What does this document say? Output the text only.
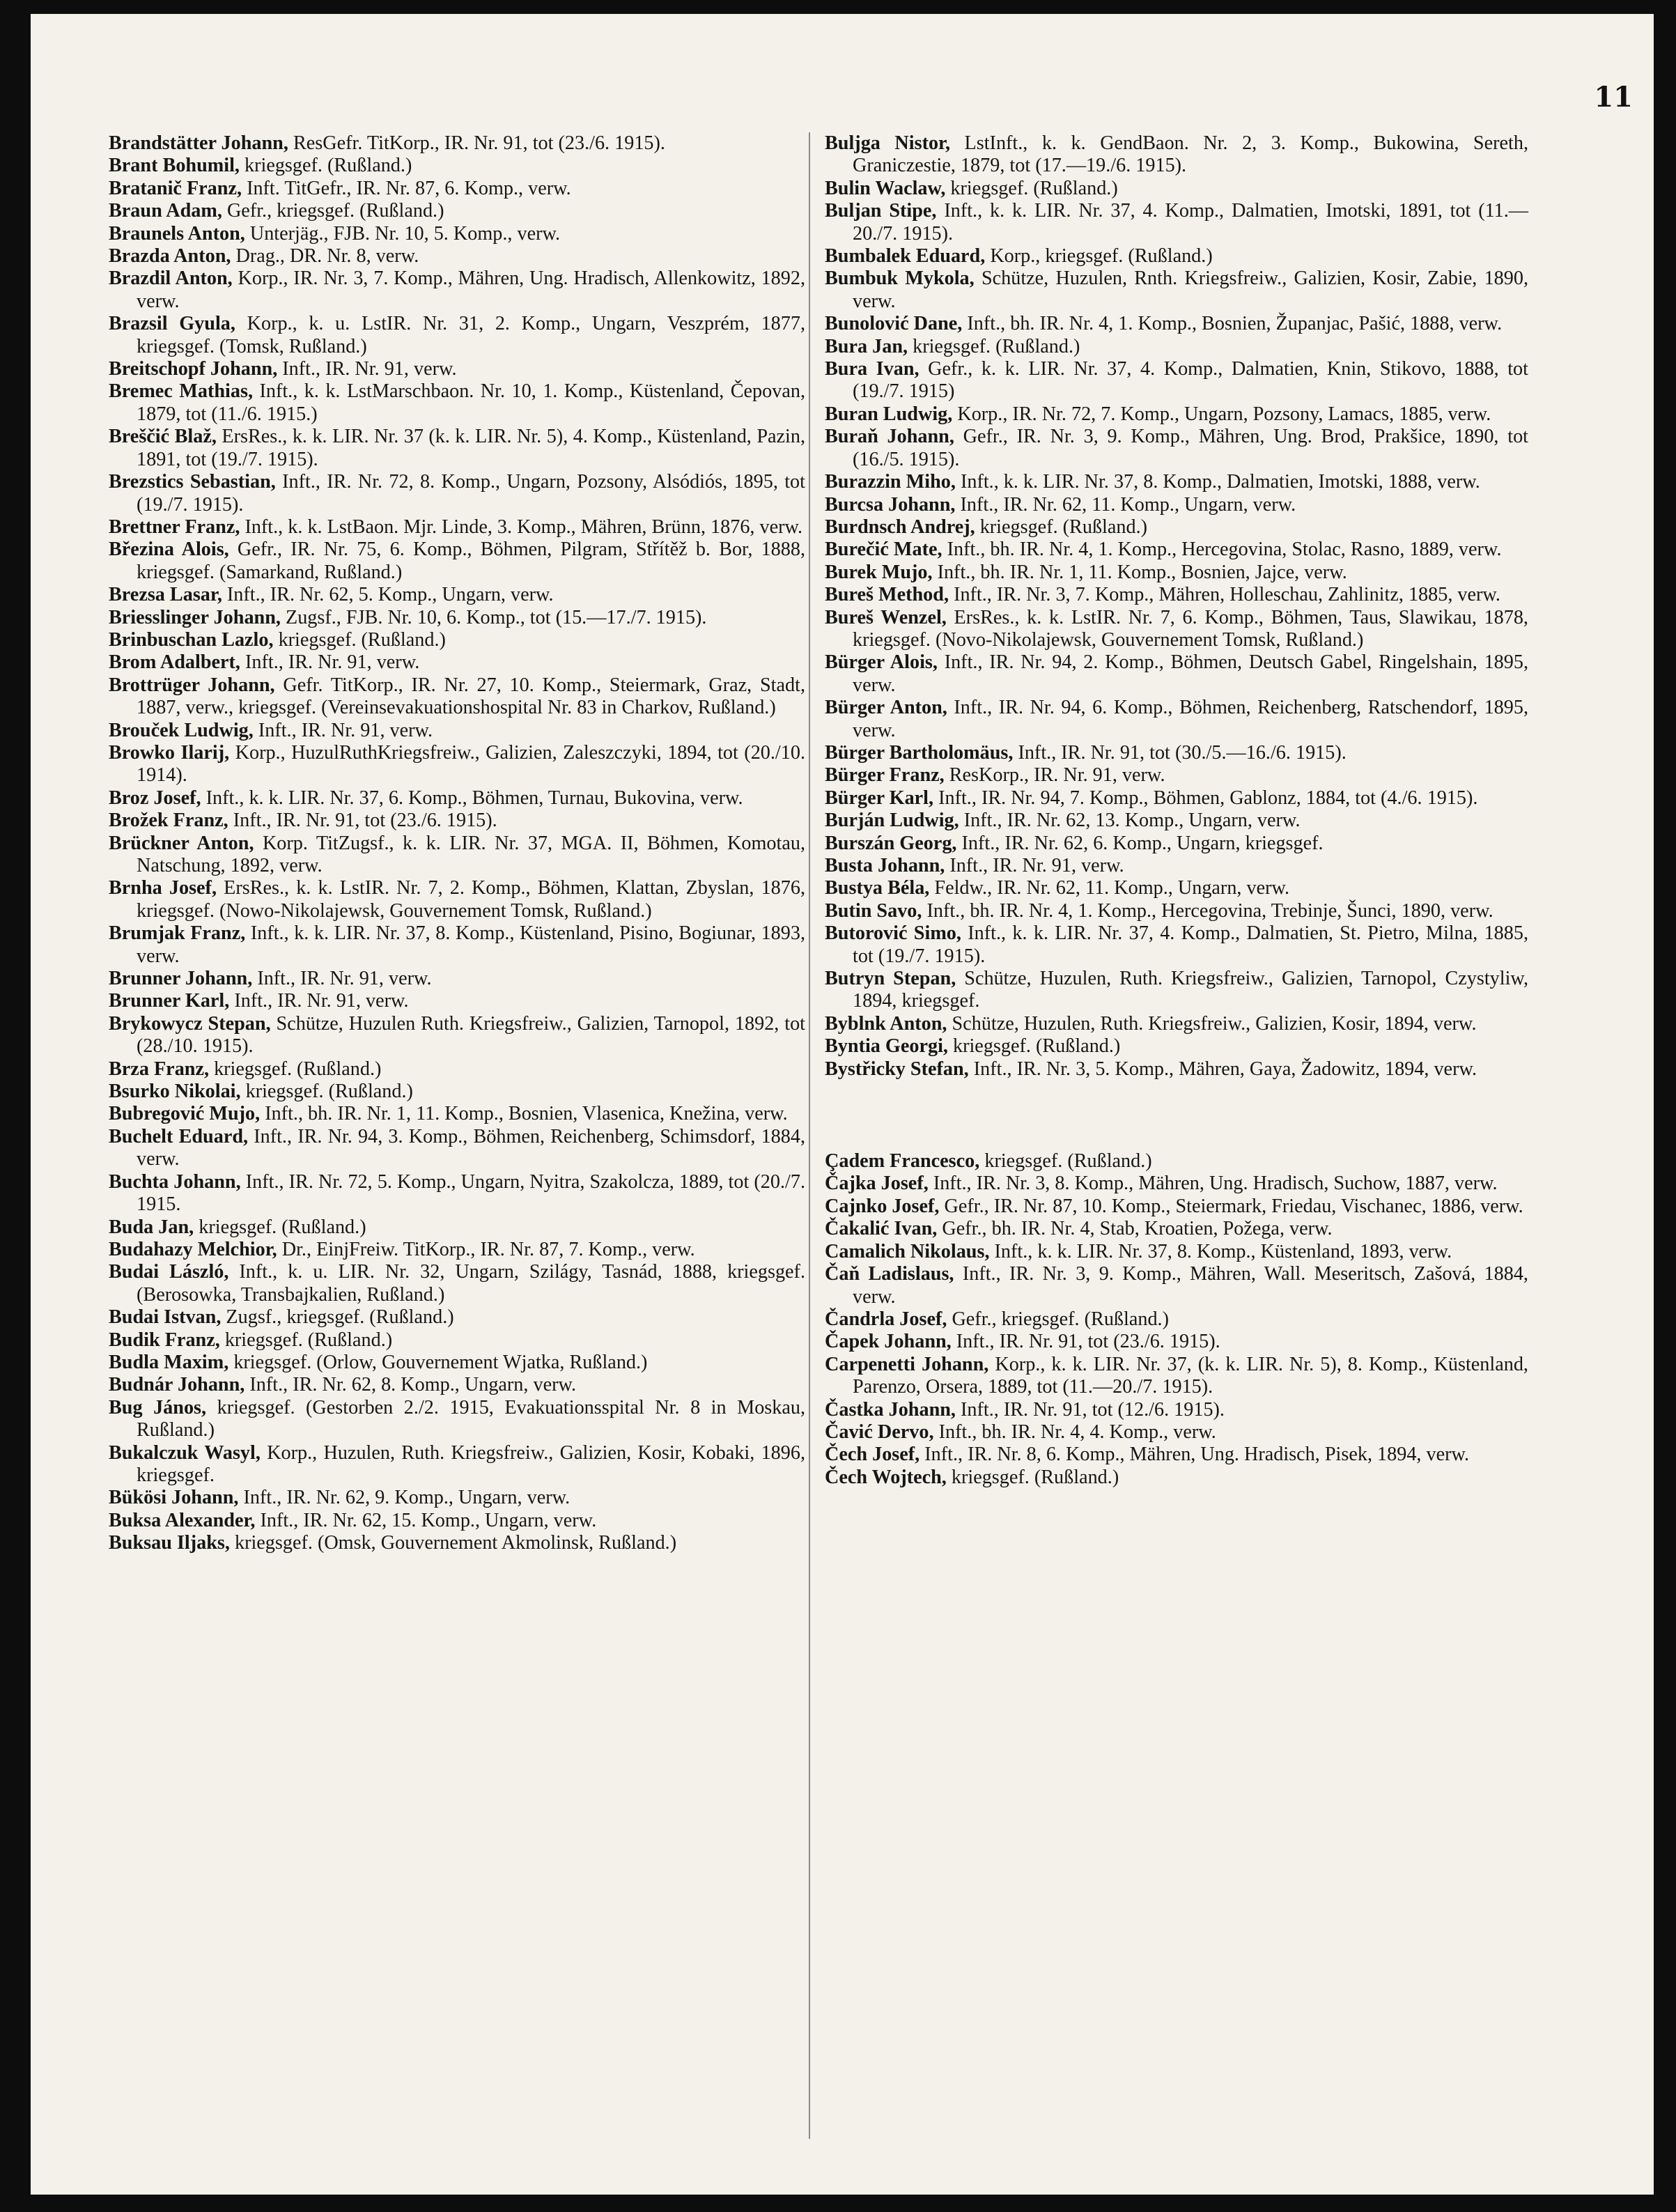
11

Brandstätter Johann, ResGefr. TitKorp., IR. Nr. 91, tot (23./6. 1915).

Brant Bohumil, kriegsgef. (Rußland.)

Bratanič Franz, Inft. TitGefr., IR. Nr. 87, 6. Komp., verw.

Braun Adam, Gefr., kriegsgef. (Rußland.)

Braunels Anton, Unterjäg., FJB. Nr. 10, 5. Komp., verw.

Brazda Anton, Drag., DR. Nr. 8, verw.

Brazdil Anton, Korp., IR. Nr. 3, 7. Komp., Mähren, Ung. Hradisch, Allenkowitz, 1892, verw.

Brazsil Gyula, Korp., k. u. LstIR. Nr. 31, 2. Komp., Ungarn, Veszprém, 1877, kriegsgef. (Tomsk, Rußland.)

Breitschopf Johann, Inft., IR. Nr. 91, verw.

Bremec Mathias, Inft., k. k. LstMarschbaon. Nr. 10, 1. Komp., Küstenland, Čepovan, 1879, tot (11./6. 1915.)

Breščić Blaž, ErsRes., k. k. LIR. Nr. 37 (k. k. LIR. Nr. 5), 4. Komp., Küstenland, Pazin, 1891, tot (19./7. 1915).

Brezstics Sebastian, Inft., IR. Nr. 72, 8. Komp., Ungarn, Pozsony, Alsódiós, 1895, tot (19./7. 1915).

Brettner Franz, Inft., k. k. LstBaon. Mjr. Linde, 3. Komp., Mähren, Brünn, 1876, verw.

Březina Alois, Gefr., IR. Nr. 75, 6. Komp., Böhmen, Pilgram, Střítěž b. Bor, 1888, kriegsgef. (Samarkand, Rußland.)

Brezsa Lasar, Inft., IR. Nr. 62, 5. Komp., Ungarn, verw.

Briesslinger Johann, Zugsf., FJB. Nr. 10, 6. Komp., tot (15.—17./7. 1915).

Brinbuschan Lazlo, kriegsgef. (Rußland.)

Brom Adalbert, Inft., IR. Nr. 91, verw.

Brottrüger Johann, Gefr. TitKorp., IR. Nr. 27, 10. Komp., Steiermark, Graz, Stadt, 1887, verw., kriegsgef. (Vereinsevakuationshospital Nr. 83 in Charkov, Rußland.)

Brouček Ludwig, Inft., IR. Nr. 91, verw.

Browko Ilarij, Korp., HuzulRuthKriegsfreiw., Galizien, Zaleszczyki, 1894, tot (20./10. 1914).

Broz Josef, Inft., k. k. LIR. Nr. 37, 6. Komp., Böhmen, Turnau, Bukovina, verw.

Brožek Franz, Inft., IR. Nr. 91, tot (23./6. 1915).

Brückner Anton, Korp. TitZugsf., k. k. LIR. Nr. 37, MGA. II, Böhmen, Komotau, Natschung, 1892, verw.

Brnha Josef, ErsRes., k. k. LstIR. Nr. 7, 2. Komp., Böhmen, Klattan, Zbyslan, 1876, kriegsgef. (Nowo-Nikolajewsk, Gouvernement Tomsk, Rußland.)

Brumjak Franz, Inft., k. k. LIR. Nr. 37, 8. Komp., Küstenland, Pisino, Bogiunar, 1893, verw.

Brunner Johann, Inft., IR. Nr. 91, verw.

Brunner Karl, Inft., IR. Nr. 91, verw.

Brykowycz Stepan, Schütze, Huzulen Ruth. Kriegsfreiw., Galizien, Tarnopol, 1892, tot (28./10. 1915).

Brza Franz, kriegsgef. (Rußland.)

Bsurko Nikolai, kriegsgef. (Rußland.)

Bubregović Mujo, Inft., bh. IR. Nr. 1, 11. Komp., Bosnien, Vlasenica, Knežina, verw.

Buchelt Eduard, Inft., IR. Nr. 94, 3. Komp., Böhmen, Reichenberg, Schimsdorf, 1884, verw.

Buchta Johann, Inft., IR. Nr. 72, 5. Komp., Ungarn, Nyitra, Szakolcza, 1889, tot (20./7. 1915.

Buda Jan, kriegsgef. (Rußland.)

Budahazy Melchior, Dr., EinjFreiw. TitKorp., IR. Nr. 87, 7. Komp., verw.

Budai László, Inft., k. u. LIR. Nr. 32, Ungarn, Szilágy, Tasnád, 1888, kriegsgef. (Berosowka, Transbajkalien, Rußland.)

Budai Istvan, Zugsf., kriegsgef. (Rußland.)

Budik Franz, kriegsgef. (Rußland.)

Budla Maxim, kriegsgef. (Orlow, Gouvernement Wjatka, Rußland.)

Budnár Johann, Inft., IR. Nr. 62, 8. Komp., Ungarn, verw.

Bug János, kriegsgef. (Gestorben 2./2. 1915, Evakuationsspital Nr. 8 in Moskau, Rußland.)

Bukalczuk Wasyl, Korp., Huzulen, Ruth. Kriegsfreiw., Galizien, Kosir, Kobaki, 1896, kriegsgef.

Bükösi Johann, Inft., IR. Nr. 62, 9. Komp., Ungarn, verw.

Buksa Alexander, Inft., IR. Nr. 62, 15. Komp., Ungarn, verw.

Buksau Iljaks, kriegsgef. (Omsk, Gouvernement Akmolinsk, Rußland.)

Buljga Nistor, LstInft., k. k. GendBaon. Nr. 2, 3. Komp., Bukowina, Sereth, Graniczestie, 1879, tot (17.—19./6. 1915).

Bulin Waclaw, kriegsgef. (Rußland.)

Buljan Stipe, Inft., k. k. LIR. Nr. 37, 4. Komp., Dalmatien, Imotski, 1891, tot (11.—20./7. 1915).

Bumbalek Eduard, Korp., kriegsgef. (Rußland.)

Bumbuk Mykola, Schütze, Huzulen, Rnth. Kriegsfreiw., Galizien, Kosir, Zabie, 1890, verw.

Bunolović Dane, Inft., bh. IR. Nr. 4, 1. Komp., Bosnien, Županjac, Pašić, 1888, verw.

Bura Jan, kriegsgef. (Rußland.)

Bura Ivan, Gefr., k. k. LIR. Nr. 37, 4. Komp., Dalmatien, Knin, Stikovo, 1888, tot (19./7. 1915)

Buran Ludwig, Korp., IR. Nr. 72, 7. Komp., Ungarn, Pozsony, Lamacs, 1885, verw.

Buraň Johann, Gefr., IR. Nr. 3, 9. Komp., Mähren, Ung. Brod, Prakšice, 1890, tot (16./5. 1915).

Burazzin Miho, Inft., k. k. LIR. Nr. 37, 8. Komp., Dalmatien, Imotski, 1888, verw.

Burcsa Johann, Inft., IR. Nr. 62, 11. Komp., Ungarn, verw.

Burdnsch Andrej, kriegsgef. (Rußland.)

Burečić Mate, Inft., bh. IR. Nr. 4, 1. Komp., Hercegovina, Stolac, Rasno, 1889, verw.

Burek Mujo, Inft., bh. IR. Nr. 1, 11. Komp., Bosnien, Jajce, verw.

Bureš Method, Inft., IR. Nr. 3, 7. Komp., Mähren, Holleschau, Zahlinitz, 1885, verw.

Bureš Wenzel, ErsRes., k. k. LstIR. Nr. 7, 6. Komp., Böhmen, Taus, Slawikau, 1878, kriegsgef. (Novo-Nikolajewsk, Gouvernement Tomsk, Rußland.)

Bürger Alois, Inft., IR. Nr. 94, 2. Komp., Böhmen, Deutsch Gabel, Ringelshain, 1895, verw.

Bürger Anton, Inft., IR. Nr. 94, 6. Komp., Böhmen, Reichenberg, Ratschendorf, 1895, verw.

Bürger Bartholomäus, Inft., IR. Nr. 91, tot (30./5.—16./6. 1915).

Bürger Franz, ResKorp., IR. Nr. 91, verw.

Bürger Karl, Inft., IR. Nr. 94, 7. Komp., Böhmen, Gablonz, 1884, tot (4./6. 1915).

Burján Ludwig, Inft., IR. Nr. 62, 13. Komp., Ungarn, verw.

Burszán Georg, Inft., IR. Nr. 62, 6. Komp., Ungarn, kriegsgef.

Busta Johann, Inft., IR. Nr. 91, verw.

Bustya Béla, Feldw., IR. Nr. 62, 11. Komp., Ungarn, verw.

Butin Savo, Inft., bh. IR. Nr. 4, 1. Komp., Hercegovina, Trebinje, Šunci, 1890, verw.

Butorović Simo, Inft., k. k. LIR. Nr. 37, 4. Komp., Dalmatien, St. Pietro, Milna, 1885, tot (19./7. 1915).

Butryn Stepan, Schütze, Huzulen, Ruth. Kriegsfreiw., Galizien, Tarnopol, Czystyliw, 1894, kriegsgef.

Byblnk Anton, Schütze, Huzulen, Ruth. Kriegsfreiw., Galizien, Kosir, 1894, verw.

Byntia Georgi, kriegsgef. (Rußland.)

Bystřicky Stefan, Inft., IR. Nr. 3, 5. Komp., Mähren, Gaya, Žadowitz, 1894, verw.

Çadem Francesco, kriegsgef. (Rußland.)

Čajka Josef, Inft., IR. Nr. 3, 8. Komp., Mähren, Ung. Hradisch, Suchow, 1887, verw.

Cajnko Josef, Gefr., IR. Nr. 87, 10. Komp., Steiermark, Friedau, Vischanec, 1886, verw.

Čakalić Ivan, Gefr., bh. IR. Nr. 4, Stab, Kroatien, Požega, verw.

Camalich Nikolaus, Inft., k. k. LIR. Nr. 37, 8. Komp., Küstenland, 1893, verw.

Čaň Ladislaus, Inft., IR. Nr. 3, 9. Komp., Mähren, Wall. Meseritsch, Zašová, 1884, verw.

Čandrla Josef, Gefr., kriegsgef. (Rußland.)

Čapek Johann, Inft., IR. Nr. 91, tot (23./6. 1915).

Carpenetti Johann, Korp., k. k. LIR. Nr. 37, (k. k. LIR. Nr. 5), 8. Komp., Küstenland, Parenzo, Orsera, 1889, tot (11.—20./7. 1915).

Častka Johann, Inft., IR. Nr. 91, tot (12./6. 1915).

Čavić Dervo, Inft., bh. IR. Nr. 4, 4. Komp., verw.

Čech Josef, Inft., IR. Nr. 8, 6. Komp., Mähren, Ung. Hradisch, Pisek, 1894, verw.

Čech Wojtech, kriegsgef. (Rußland.)
